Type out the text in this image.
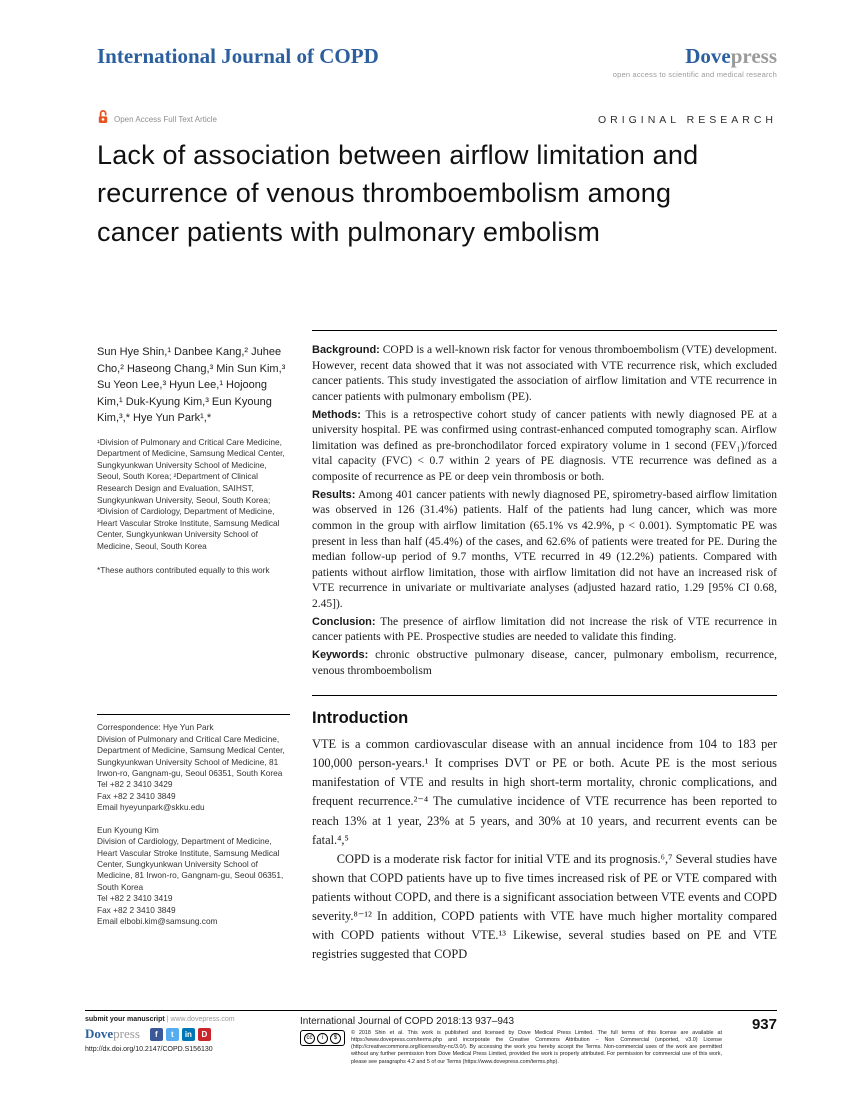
International Journal of COPD	Dovepress
open access to scientific and medical research
Open Access Full Text Article	ORIGINAL RESEARCH
Lack of association between airflow limitation and
recurrence of venous thromboembolism among
cancer patients with pulmonary embolism
Sun Hye Shin,¹ Danbee Kang,² Juhee Cho,² Haseong Chang,³ Min Sun Kim,³ Su Yeon Lee,³ Hyun Lee,¹ Hojoong Kim,¹ Duk-Kyung Kim,³ Eun Kyoung Kim,³,* Hye Yun Park¹,*
¹Division of Pulmonary and Critical Care Medicine, Department of Medicine, Samsung Medical Center, Sungkyunkwan University School of Medicine, Seoul, South Korea; ²Department of Clinical Research Design and Evaluation, SAIHST, Sungkyunkwan University, Seoul, South Korea; ³Division of Cardiology, Department of Medicine, Heart Vascular Stroke Institute, Samsung Medical Center, Sungkyunkwan University School of Medicine, Seoul, South Korea
*These authors contributed equally to this work
Correspondence: Hye Yun Park
Division of Pulmonary and Critical Care Medicine, Department of Medicine, Samsung Medical Center, Sungkyunkwan University School of Medicine, 81 Irwon-ro, Gangnam-gu, Seoul 06351, South Korea
Tel +82 2 3410 3429
Fax +82 2 3410 3849
Email hyeyunpark@skku.edu
Eun Kyoung Kim
Division of Cardiology, Department of Medicine, Heart Vascular Stroke Institute, Samsung Medical Center, Sungkyunkwan University School of Medicine, 81 Irwon-ro, Gangnam-gu, Seoul 06351, South Korea
Tel +82 2 3410 3419
Fax +82 2 3410 3849
Email elbobi.kim@samsung.com

Background: COPD is a well-known risk factor for venous thromboembolism (VTE) development. However, recent data showed that it was not associated with VTE recurrence risk, which excluded cancer patients. This study investigated the association of airflow limitation and VTE recurrence in cancer patients with pulmonary embolism (PE).

Methods: This is a retrospective cohort study of cancer patients with newly diagnosed PE at a university hospital. PE was confirmed using contrast-enhanced computed tomography scan. Airflow limitation was defined as pre-bronchodilator forced expiratory volume in 1 second (FEV₁)/forced vital capacity (FVC) < 0.7 within 2 years of PE diagnosis. VTE recurrence was defined as a composite of recurrence as PE or deep vein thrombosis or both.

Results: Among 401 cancer patients with newly diagnosed PE, spirometry-based airflow limitation was observed in 126 (31.4%) patients. Half of the patients had lung cancer, which was more common in the group with airflow limitation (65.1% vs 42.9%, p < 0.001). Symptomatic PE was present in less than half (45.4%) of the cases, and 62.6% of patients were treated for PE. During the median follow-up period of 9.7 months, VTE recurred in 49 (12.2%) patients. Compared with patients without airflow limitation, those with airflow limitation did not have an increased risk of VTE recurrence in univariate or multivariate analyses (adjusted hazard ratio, 1.29 [95% CI 0.68, 2.45]).

Conclusion: The presence of airflow limitation did not increase the risk of VTE recurrence in cancer patients with PE. Prospective studies are needed to validate this finding.

Keywords: chronic obstructive pulmonary disease, cancer, pulmonary embolism, recurrence, venous thromboembolism

Introduction

VTE is a common cardiovascular disease with an annual incidence from 104 to 183 per 100,000 person-years.¹ It comprises DVT or PE or both. Acute PE is the most serious manifestation of VTE and results in high short-term mortality, chronic complications, and frequent recurrence.²⁻⁴ The cumulative incidence of VTE recurrence has been reported to reach 13% at 1 year, 23% at 5 years, and 30% at 10 years, and recurrent events can be fatal.⁴,⁵

COPD is a moderate risk factor for initial VTE and its prognosis.⁶,⁷ Several studies have shown that COPD patients have up to five times increased risk of PE or VTE compared with patients without COPD, and there is a significant association between VTE events and COPD severity.⁸⁻¹² In addition, COPD patients with VTE have much higher mortality compared with COPD patients without VTE.¹³ Likewise, several studies based on PE and VTE registries suggested that COPD

submit your manuscript | www.dovepress.com
Dovepress	f	t	in	D
http://dx.doi.org/10.2147/COPD.S156130
International Journal of COPD 2018:13 937–943
cc	i	$
© 2018 Shin et al. This work is published and licensed by Dove Medical Press Limited. The full terms of this license are available at https://www.dovepress.com/terms.php and incorporate the Creative Commons Attribution – Non Commercial (unported, v3.0) License (http://creativecommons.org/licenses/by-nc/3.0/). By accessing the work you hereby accept the Terms. Non-commercial uses of the work are permitted without any further permission from Dove Medical Press Limited, provided the work is properly attributed. For permission for commercial use of this work, please see paragraphs 4.2 and 5 of our Terms (https://www.dovepress.com/terms.php).
937
